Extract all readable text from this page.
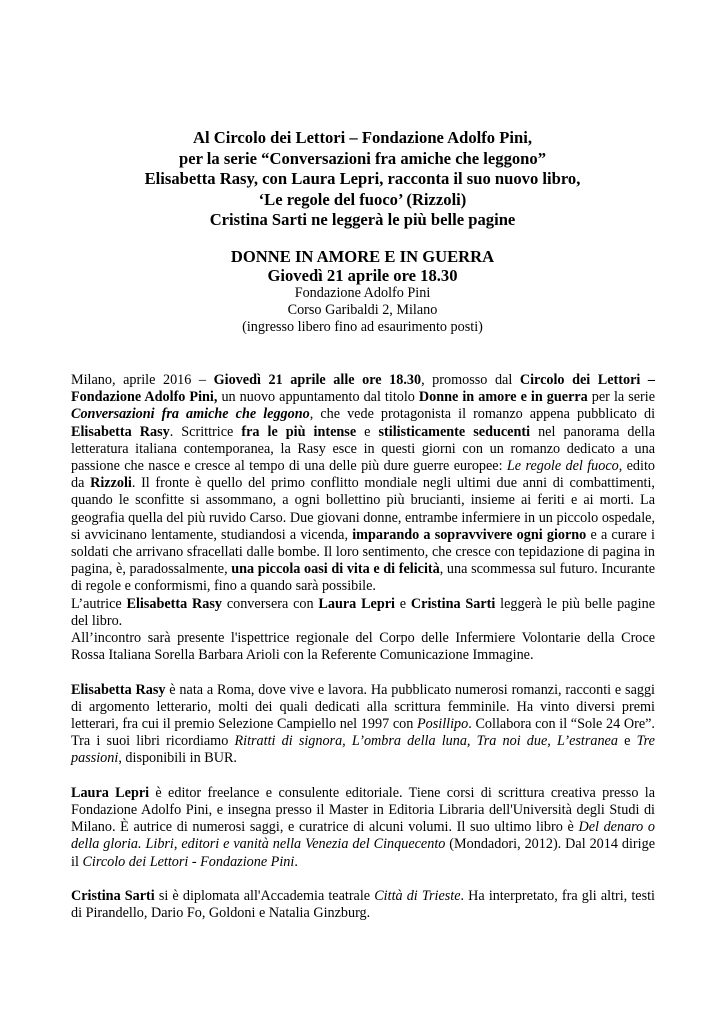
Al Circolo dei Lettori – Fondazione Adolfo Pini,
per la serie “Conversazioni fra amiche che leggono”
Elisabetta Rasy, con Laura Lepri, racconta il suo nuovo libro,
‘Le regole del fuoco’ (Rizzoli)
Cristina Sarti ne leggerà le più belle pagine
DONNE IN AMORE E IN GUERRA
Giovedì 21 aprile ore 18.30
Fondazione Adolfo Pini
Corso Garibaldi 2, Milano
(ingresso libero fino ad esaurimento posti)

Milano, aprile 2016 – Giovedì 21 aprile alle ore 18.30, promosso dal Circolo dei Lettori – Fondazione Adolfo Pini, un nuovo appuntamento dal titolo Donne in amore e in guerra per la serie Conversazioni fra amiche che leggono, che vede protagonista il romanzo appena pubblicato di Elisabetta Rasy. Scrittrice fra le più intense e stilisticamente seducenti nel panorama della letteratura italiana contemporanea, la Rasy esce in questi giorni con un romanzo dedicato a una passione che nasce e cresce al tempo di una delle più dure guerre europee: Le regole del fuoco, edito da Rizzoli. Il fronte è quello del primo conflitto mondiale negli ultimi due anni di combattimenti, quando le sconfitte si assommano, a ogni bollettino più brucianti, insieme ai feriti e ai morti. La geografia quella del più ruvido Carso. Due giovani donne, entrambe infermiere in un piccolo ospedale, si avvicinano lentamente, studiandosi a vicenda, imparando a sopravvivere ogni giorno e a curare i soldati che arrivano sfracellati dalle bombe. Il loro sentimento, che cresce con tepidazione di pagina in pagina, è, paradossalmente, una piccola oasi di vita e di felicità, una scommessa sul futuro. Incurante di regole e conformismi, fino a quando sarà possibile.

L’autrice Elisabetta Rasy conversera con Laura Lepri e Cristina Sarti leggerà le più belle pagine del libro.

All’incontro sarà presente l'ispettrice regionale del Corpo delle Infermiere Volontarie della Croce Rossa Italiana Sorella Barbara Arioli con la Referente Comunicazione Immagine.

Elisabetta Rasy è nata a Roma, dove vive e lavora. Ha pubblicato numerosi romanzi, racconti e saggi di argomento letterario, molti dei quali dedicati alla scrittura femminile. Ha vinto diversi premi letterari, fra cui il premio Selezione Campiello nel 1997 con Posillipo. Collabora con il “Sole 24 Ore”. Tra i suoi libri ricordiamo Ritratti di signora, L’ombra della luna, Tra noi due, L’estranea e Tre passioni, disponibili in BUR.

Laura Lepri è editor freelance e consulente editoriale. Tiene corsi di scrittura creativa presso la Fondazione Adolfo Pini, e insegna presso il Master in Editoria Libraria dell'Università degli Studi di Milano. È autrice di numerosi saggi, e curatrice di alcuni volumi. Il suo ultimo libro è Del denaro o della gloria. Libri, editori e vanità nella Venezia del Cinquecento (Mondadori, 2012). Dal 2014 dirige il Circolo dei Lettori - Fondazione Pini.

Cristina Sarti si è diplomata all'Accademia teatrale Città di Trieste. Ha interpretato, fra gli altri, testi di Pirandello, Dario Fo, Goldoni e Natalia Ginzburg.
